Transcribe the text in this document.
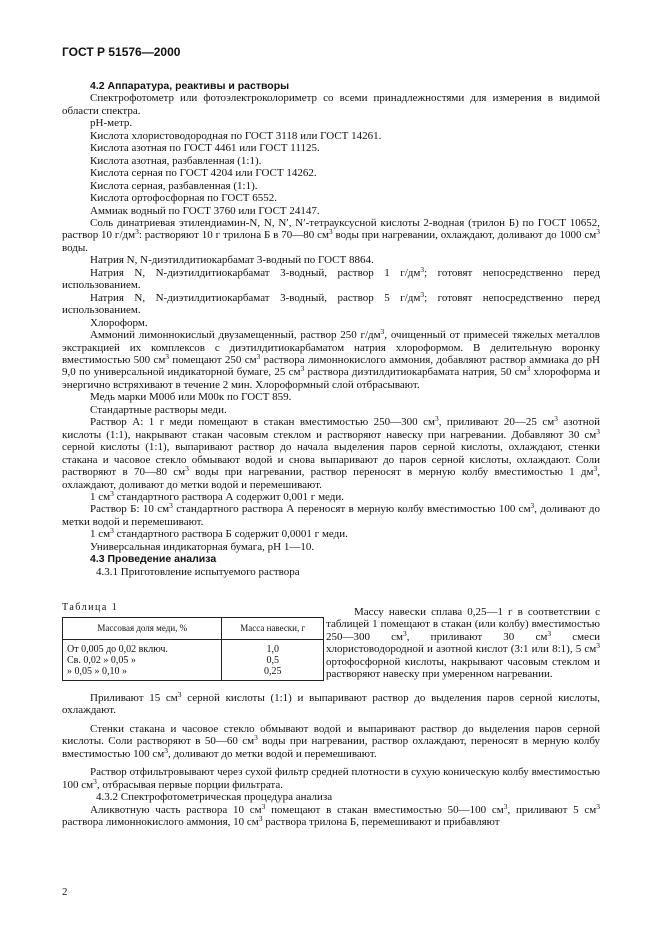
ГОСТ Р 51576—2000

4.2 Аппаратура, реактивы и растворы

Спектрофотометр или фотоэлектроколориметр со всеми принадлежностями для измерения в видимой области спектра.

pH-метр.

Кислота хлористоводородная по ГОСТ 3118 или ГОСТ 14261.

Кислота азотная по ГОСТ 4461 или ГОСТ 11125.

Кислота азотная, разбавленная (1:1).

Кислота серная по ГОСТ 4204 или ГОСТ 14262.

Кислота серная, разбавленная (1:1).

Кислота ортофосфорная по ГОСТ 6552.

Аммиак водный по ГОСТ 3760 или ГОСТ 24147.

Соль динатриевая этилендиамин-N, N, N′, N′-тетрауксусной кислоты 2-водная (трилон Б) по ГОСТ 10652, раствор 10 $г/дм^3$: растворяют 10 г трилона Б в 70—80 $см^3$ воды при нагревании, охлаждают, доливают до 1000 $см^3$ воды.

Натрия N, N-диэтилдитиокарбамат 3-водный по ГОСТ 8864.

Натрия N, N-диэтилдитиокарбамат 3-водный, раствор 1 $г/дм^3$; готовят непосредственно перед использованием.

Натрия N, N-диэтилдитиокарбамат 3-водный, раствор 5 $г/дм^3$; готовят непосредственно перед использованием.

Хлороформ.

Аммоний лимоннокислый двузамещенный, раствор 250 $г/дм^3$, очищенный от примесей тяжелых металлов экстракцией их комплексов с диэтилдитиокарбаматом натрия хлороформом. В делительную воронку вместимостью 500 $см^3$ помещают 250 $см^3$ раствора лимоннокислого аммония, добавляют раствор аммиака до pH 9,0 по универсальной индикаторной бумаге, 25 $см^3$ раствора диэтилдитиокарбамата натрия, 50 $см^3$ хлороформа и энергично встряхивают в течение 2 мин. Хлороформный слой отбрасывают.

Медь марки М00б или М00к по ГОСТ 859.

Стандартные растворы меди.

Раствор А: 1 г меди помещают в стакан вместимостью 250—300 $см^3$, приливают 20—25 $см^3$ азотной кислоты (1:1), накрывают стакан часовым стеклом и растворяют навеску при нагревании. Добавляют 30 $см^3$ серной кислоты (1:1), выпаривают раствор до начала выделения паров серной кислоты, охлаждают, стенки стакана и часовое стекло обмывают водой и снова выпаривают до паров серной кислоты, охлаждают. Соли растворяют в 70—80 $см^3$ воды при нагревании, раствор переносят в мерную колбу вместимостью 1 $дм^3$, охлаждают, доливают до метки водой и перемешивают.

1 $см^3$ стандартного раствора А содержит 0,001 г меди.

Раствор Б: 10 $см^3$ стандартного раствора А переносят в мерную колбу вместимостью 100 $см^3$, доливают до метки водой и перемешивают.

1 $см^3$ стандартного раствора Б содержит 0,0001 г меди.

Универсальная индикаторная бумага, pH 1—10.

4.3 Проведение анализа

4.3.1 Приготовление испытуемого раствора

Таблица 1
Массовая доля меди, %	Масса навески, г
От 0,005 до 0,02 включ.	1,0
Св. 0,02 » 0,05 »	0,5
» 0,05 » 0,10 »	0,25

Массу навески сплава 0,25—1 г в соответствии с таблицей 1 помещают в стакан (или колбу) вместимостью 250—300 $см^3$, приливают 30 $см^3$ смеси хлористоводородной и азотной кислот (3:1 или 8:1), 5 $см^3$ ортофосфорной кислоты, накрывают часовым стеклом и растворяют навеску при умеренном нагревании.

Приливают 15 $см^3$ серной кислоты (1:1) и выпаривают раствор до выделения паров серной кислоты, охлаждают.

Стенки стакана и часовое стекло обмывают водой и выпаривают раствор до выделения паров серной кислоты. Соли растворяют в 50—60 $см^3$ воды при нагревании, раствор охлаждают, переносят в мерную колбу вместимостью 100 $см^3$, доливают до метки водой и перемешивают.

Раствор отфильтровывают через сухой фильтр средней плотности в сухую коническую колбу вместимостью 100 $см^3$, отбрасывая первые порции фильтрата.

4.3.2 Спектрофотометрическая процедура анализа

Аликвотную часть раствора 10 $см^3$ помещают в стакан вместимостью 50—100 $см^3$, приливают 5 $см^3$ раствора лимоннокислого аммония, 10 $см^3$ раствора трилона Б, перемешивают и прибавляют

2
